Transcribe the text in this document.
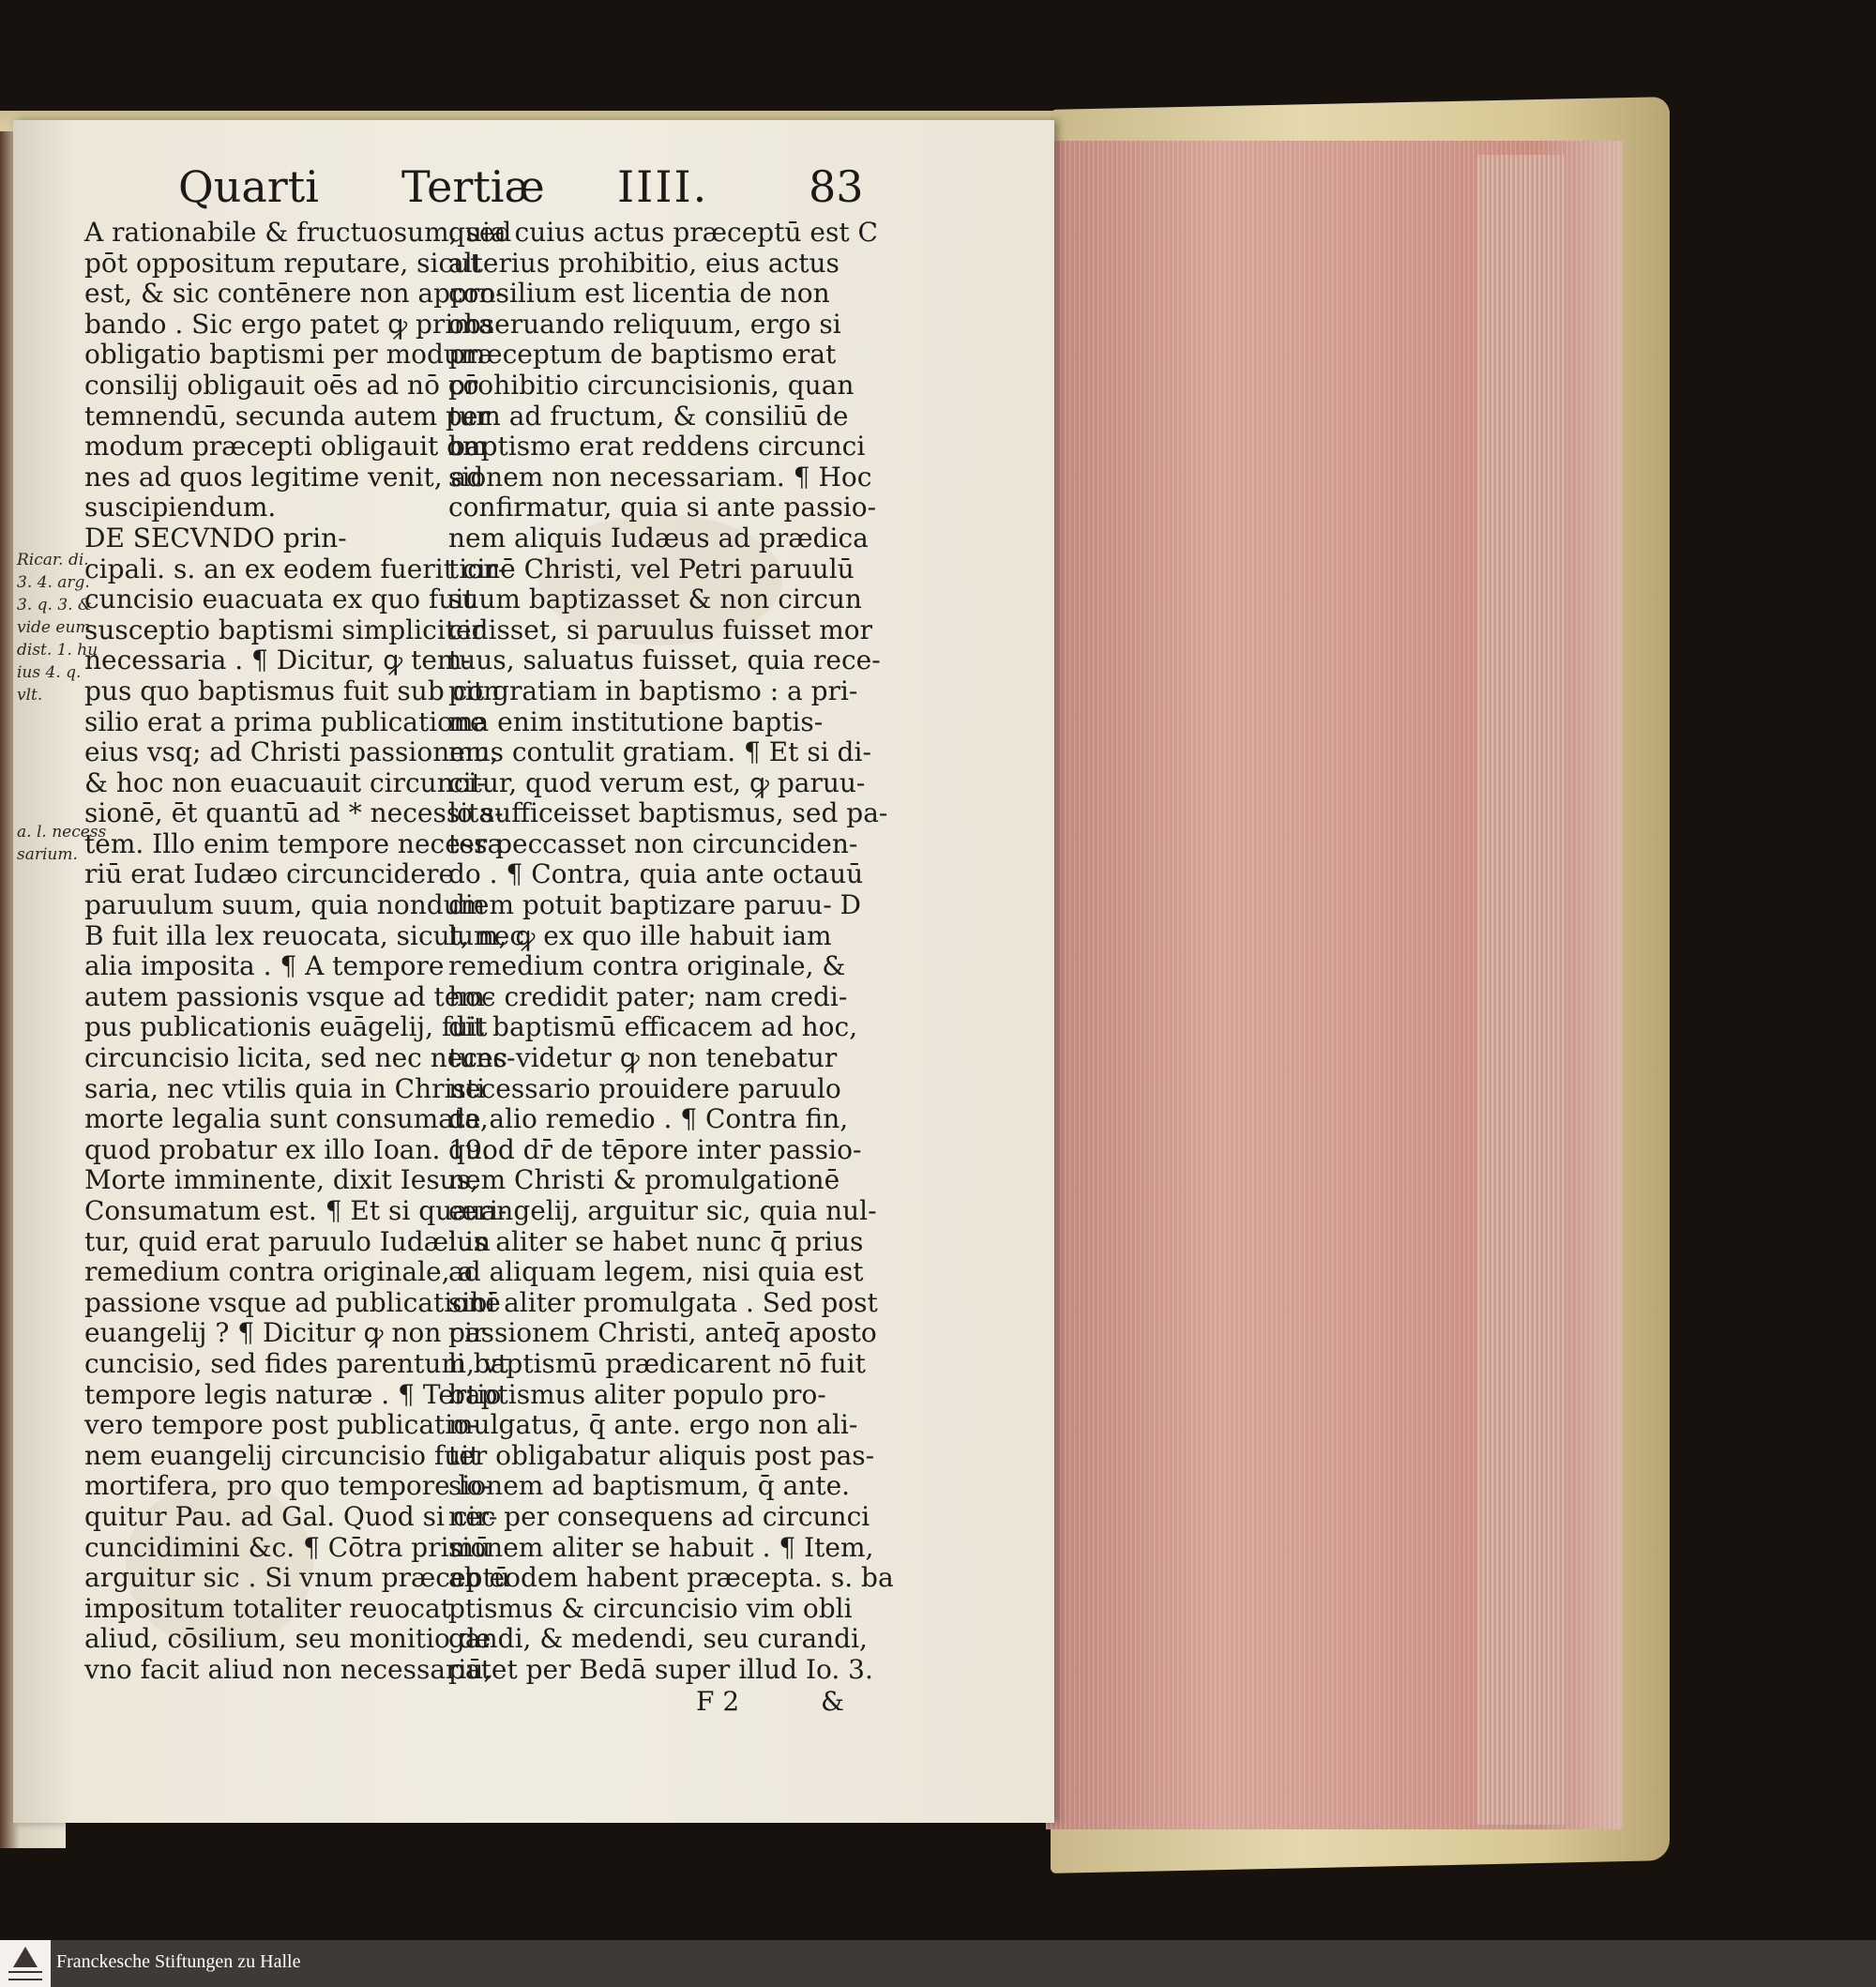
Quarti Tertiæ IIII. 83
A rationabile & fructuosum, sed
pōt oppositum reputare, sicut
est, & sic contēnere non appro-
bando . Sic ergo patet ꝙ prima
obligatio baptismi per modum
consilij obligauit oēs ad nō cō
temnendū, secunda autem per
modum præcepti obligauit om
nes ad quos legitime venit, ad
suscipiendum.
DE SECVNDO prin-
cipali. s. an ex eodem fuerit cir-
cuncisio euacuata ex quo fuit
susceptio baptismi simpliciter
necessaria . ¶ Dicitur, ꝙ tem-
pus quo baptismus fuit sub con
silio erat a prima publicatione
eius vsq; ad Christi passionem,
& hoc non euacuauit circunci-
sionē, ēt quantū ad * necessita-
tem. Illo enim tempore necessa
riū erat Iudæo circuncidere
paruulum suum, quia nondum
B fuit illa lex reuocata, sicut, nec
alia imposita . ¶ A tempore
autem passionis vsque ad tem-
pus publicationis euāgelij, fuit
circuncisio licita, sed nec neces-
saria, nec vtilis quia in Christi
morte legalia sunt consumata,
quod probatur ex illo Ioan. 19.
Morte imminente, dixit Iesus,
Consumatum est. ¶ Et si quæri-
tur, quid erat paruulo Iudæi in
remedium contra originale, a
passione vsque ad publicationē
euangelij ? ¶ Dicitur ꝙ non cir
cuncisio, sed fides parentum, vt
tempore legis naturæ . ¶ Tertio
vero tempore post publicatio-
nem euangelij circuncisio fuit
mortifera, pro quo tempore lo-
quitur Pau. ad Gal. Quod si cir-
cuncidimini &c. ¶ Cōtra primū
arguitur sic . Si vnum præceptū
impositum totaliter reuocat
aliud, cōsilium, seu monitio de
vno facit aliud non necessariū,
quia cuius actus præceptū est C
alterius prohibitio, eius actus
consilium est licentia de non
obseruando reliquum, ergo si
præceptum de baptismo erat
prohibitio circuncisionis, quan
tum ad fructum, & consiliū de
baptismo erat reddens circunci
sionem non necessariam. ¶ Hoc
confirmatur, quia si ante passio-
nem aliquis Iudæus ad prædica
tionē Christi, vel Petri paruulū
suum baptizasset & non circun
cidisset, si paruulus fuisset mor
tuus, saluatus fuisset, quia rece-
pit gratiam in baptismo : a pri-
ma enim institutione baptis-
mus contulit gratiam. ¶ Et si di-
citur, quod verum est, ꝙ paruu-
lo sufficeisset baptismus, sed pa-
ter peccasset non circunciden-
do . ¶ Contra, quia ante octauū
diem potuit baptizare paruu- D
lum, ꝙ ex quo ille habuit iam
remedium contra originale, &
hoc credidit pater; nam credi-
dit baptismū efficacem ad hoc,
tunc videtur ꝙ non tenebatur
necessario prouidere paruulo
de alio remedio . ¶ Contra fin,
quod dr̄ de tēpore inter passio-
nem Christi & promulgationē
euangelij, arguitur sic, quia nul-
lus aliter se habet nunc q̄ prius
ad aliquam legem, nisi quia est
sibi aliter promulgata . Sed post
passionem Christi, anteq̄ aposto
li baptismū prædicarent nō fuit
baptismus aliter populo pro-
mulgatus, q̄ ante. ergo non ali-
ter obligabatur aliquis post pas-
sionem ad baptismum, q̄ ante.
nec per consequens ad circunci
sionem aliter se habuit . ¶ Item,
ab eodem habent præcepta. s. ba
ptismus & circuncisio vim obli
gandi, & medendi, seu curandi,
patet per Bedā super illud Io. 3.
Ricar. di.
3. 4. arg.
3. q. 3. &
vide eum
dist. 1. hu
ius 4. q.
vlt.
a. l. necess
sarium.
F 2	&
Franckesche Stiftungen zu Halle
